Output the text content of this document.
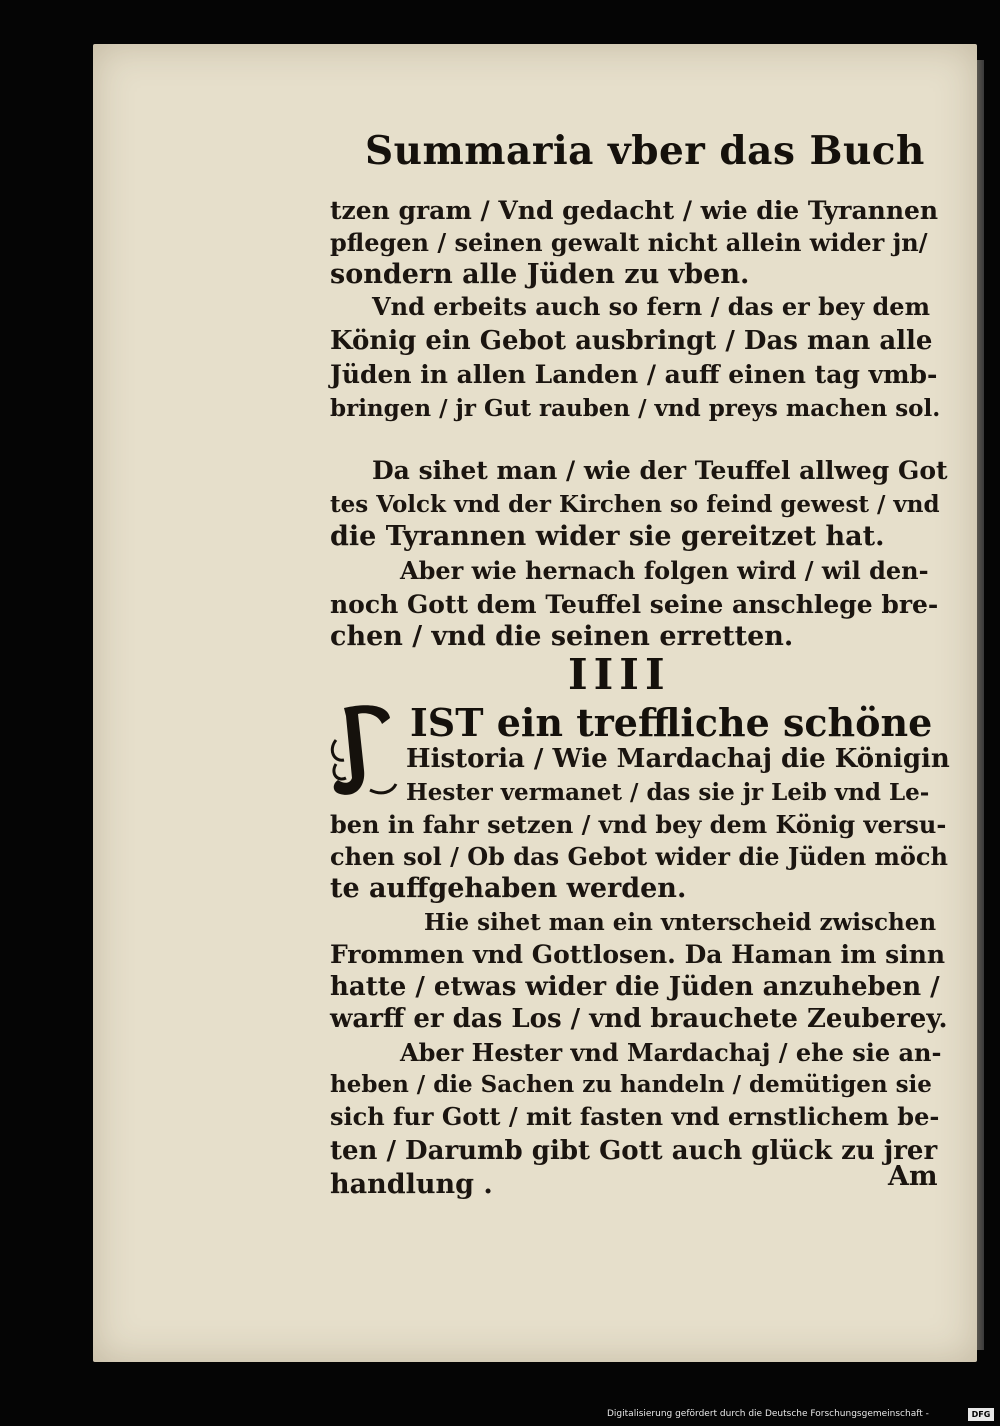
Summaria vber das Buch
tzen gram / Vnd gedacht / wie die Tyrannen
pflegen / seinen gewalt nicht allein wider jn/
sondern alle Jüden zu vben.
Vnd erbeits auch so fern / das er bey dem
König ein Gebot ausbringt / Das man alle
Jüden in allen Landen / auff einen tag vmb-
bringen / jr Gut rauben / vnd preys machen sol.
Da sihet man / wie der Teuffel allweg Got
tes Volck vnd der Kirchen so feind gewest / vnd
die Tyrannen wider sie gereitzet hat.
Aber wie hernach folgen wird / wil den-
noch Gott dem Teuffel seine anschlege bre-
chen / vnd die seinen erretten.
IIII
IST ein treffliche schöne
Historia / Wie Mardachaj die Königin
Hester vermanet / das sie jr Leib vnd Le-
ben in fahr setzen / vnd bey dem König versu-
chen sol / Ob das Gebot wider die Jüden möch
te auffgehaben werden.
Hie sihet man ein vnterscheid zwischen
Frommen vnd Gottlosen. Da Haman im sinn
hatte / etwas wider die Jüden anzuheben /
warff er das Los / vnd brauchete Zeuberey.
Aber Hester vnd Mardachaj / ehe sie an-
heben / die Sachen zu handeln / demütigen sie
sich fur Gott / mit fasten vnd ernstlichem be-
ten / Darumb gibt Gott auch glück zu jrer
handlung .	Am
Digitalisierung gefördert durch die Deutsche Forschungsgemeinschaft -	DFG
